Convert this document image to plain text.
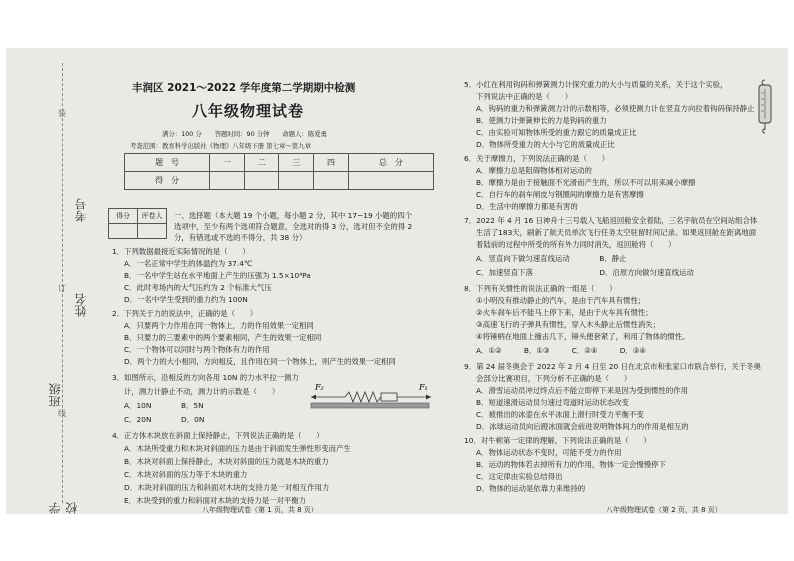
考号
姓名
班级
学校
装
订
线
丰润区 2021～2022 学年度第二学期期中检测
八年级物理试卷
满分：100 分　　答题时间：90 分钟　　命题人：陈爱勇
考查范围：教育科学出版社《物理》八年级下册 第七章～第九章
题　号	一	二	三	四	总　分
得　分					
得分	评卷人
	一、选择题（本大题 19 个小题，每小题 2 分，其中 17~19 小题的四个
选项中，至少有两个选项符合题意，全选对的得 3 分，选对但不全的得 2
分，有错选或不选的不得分，共 38 分）
1．下列数据最接近实际情况的是（　　）
A．一名正常中学生的体温约为 37.4℃
B．一名中学生站在水平地面上产生的压强为 1.5×10⁴Pa
C．此时考场内的大气压约为 2 个标准大气压
D．一名中学生受到的重力约为 100N
2．下列关于力的说法中，正确的是（　　）
A．只要两个力作用在同一物体上，力的作用效果一定相同
B．只要力的三要素中的两个要素相同，产生的效果一定相同
C．一个物体可以同时与两个物体有力的作用
D．两个力的大小相同，方向相反，且作用在同一个物体上，则产生的效果一定相同
3．如图所示，沿相反的方向各用 10N 的力水平拉一测力
计，测力计静止不动，测力计的示数是（　　）
A．10N　　　　B．5N
C．20N　　　　D．0N
F₂	F₁
4．正方体木块放在斜面上保持静止，下列说法正确的是（　　）
A．木块所受重力和木块对斜面的压力是由于斜面发生弹性形变而产生
B．木块对斜面上保持静止，木块对斜面的压力就是木块的重力
C．木块对斜面的压力等于木块的重力
D．木块对斜面的压力和斜面对木块的支持力是一对相互作用力
E．木块受到的重力和斜面对木块的支持力是一对平衡力
5．小红在利用钩码和弹簧测力计探究重力的大小与质量的关系，关于这个实验，
下列说法中正确的是（　　）
A．钩码的重力和弹簧测力计的示数相等，必须使测力计在竖直方向拉着钩码保持静止
B．使测力计弹簧伸长的力是钩码的重力
C．由实验可知物体所受的重力跟它的质量成正比
D．物体所受重力的大小与它的质量成正比
6．关于摩擦力，下列说法正确的是（　　）
A．摩擦力总是阻碍物体相对运动的
B．摩擦力是由于接触面不光滑而产生的，所以不可以用来减小摩擦
C．自行车的刹车闸皮与钢圈间的摩擦力是有害摩擦
D．生活中的摩擦力都是有害的
7．2022 年 4 月 16 日神舟十三号载人飞船返回舱安全着陆，三名宇航员在空间站组合体
生活了183天，刷新了航天员单次飞行任务太空驻留时间记录。如果返回舱在距离地面
着陆前的过程中所受的所有外力同时消失，返回舱将（　　）
A．竖直向下做匀速直线运动　　　　B．静止
C．加速竖直下落　　　　　　　　　D．沿原方向做匀速直线运动
8．下列有关惯性的说法正确的一组是（　　）
①小明没有推动静止的汽车，是由于汽车具有惯性；
②火车刹车后不能马上停下来，是由于火车具有惯性；
③高速飞行的子弹具有惯性，穿入木头静止后惯性消失；
④将锤柄在地面上撞击几下，锤头便套紧了，利用了物体的惯性。
A．①②　　　B．①③　　　C．②④　　　D．③④
9．第 24 届冬奥会于 2022 年 2 月 4 日至 20 日在北京市和张家口市联合举行，关于冬奥
会部分比赛项目，下列分析不正确的是（　　）
A．滑雪运动员冲过终点后不能立即停下来是因为受到惯性的作用
B．短道速滑运动员匀速过弯道时运动状态改变
C．被推出的冰壶在水平冰面上滑行时受力平衡不变
D．冰球运动员向后蹬冰面就会前进说明物体间力的作用是相互的
10．对牛顿第一定律的理解，下列说法正确的是（　　）
A．物体运动状态不变时，可能不受力的作用
B．运动的物体若去掉所有力的作用，物体一定会慢慢停下
C．这定律由实验总结得出
D．物体的运动是依靠力来维持的
八年级物理试卷（第 1 页，共 8 页）	八年级物理试卷（第 2 页，共 8 页）
